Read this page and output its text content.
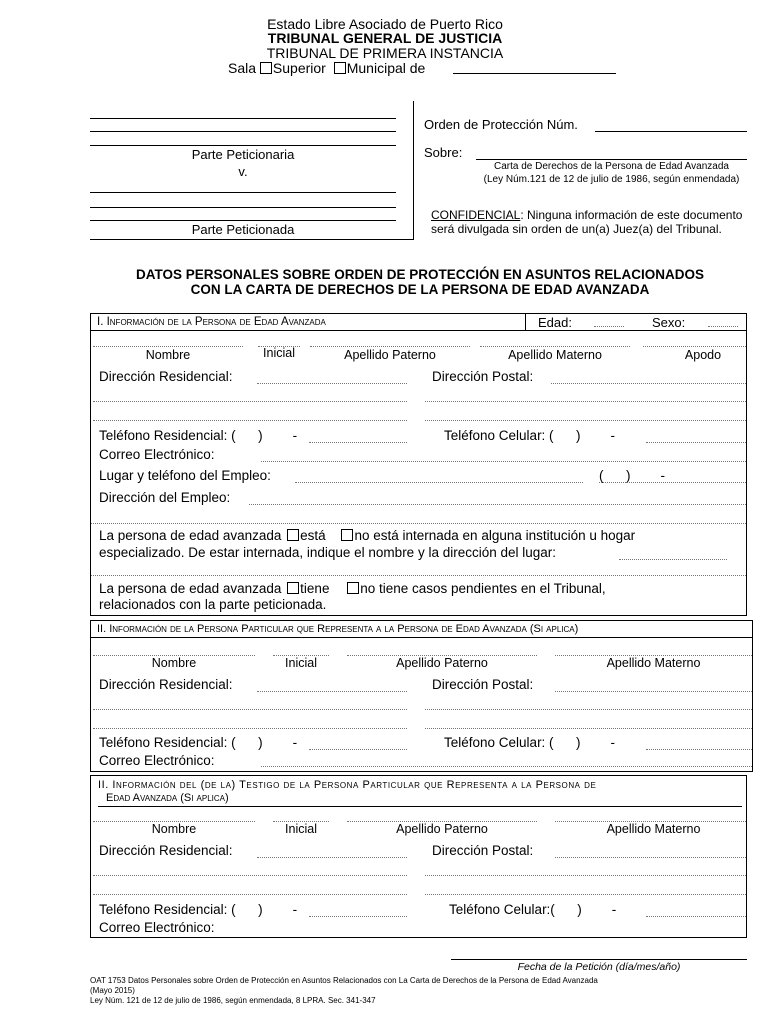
Estado Libre Asociado de Puerto Rico
TRIBUNAL GENERAL DE JUSTICIA
TRIBUNAL DE PRIMERA INSTANCIA
Sala Superior Municipal de
Parte Peticionaria
v.
Parte Peticionada
Orden de Protección Núm.
Sobre:
Carta de Derechos de la Persona de Edad Avanzada
(Ley Núm.121 de 12 de julio de 1986, según enmendada)
CONFIDENCIAL: Ninguna información de este documento
será divulgada sin orden de un(a) Juez(a) del Tribunal.
DATOS PERSONALES SOBRE ORDEN DE PROTECCIÓN EN ASUNTOS RELACIONADOS
CON LA CARTA DE DERECHOS DE LA PERSONA DE EDAD AVANZADA
I. Información de la Persona de Edad Avanzada	Edad:	Sexo:
Nombre	Inicial	Apellido Paterno	Apellido Materno	Apodo
Dirección Residencial:	Dirección Postal:
Teléfono Residencial: (      )        -	Teléfono Celular: (      )        -
Correo Electrónico:
Lugar y teléfono del Empleo:	(      )        -
Dirección del Empleo:
La persona de edad avanzada está no está internada en alguna institución u hogar
especializado. De estar internada, indique el nombre y la dirección del lugar:
La persona de edad avanzada tiene no tiene casos pendientes en el Tribunal,
relacionados con la parte peticionada.
II. Información de la Persona Particular que Representa a la Persona de Edad Avanzada (Si aplica)
Nombre	Inicial	Apellido Paterno	Apellido Materno
Dirección Residencial:	Dirección Postal:
Teléfono Residencial: (      )        -	Teléfono Celular: (      )        -
Correo Electrónico:
II. Información del (de la) Testigo de la Persona Particular que Representa a la Persona de
Edad Avanzada (Si aplica)
Nombre	Inicial	Apellido Paterno	Apellido Materno
Dirección Residencial:	Dirección Postal:
Teléfono Residencial: (      )        -	Teléfono Celular:(      )        -
Correo Electrónico:
Fecha de la Petición (día/mes/año)
OAT 1753 Datos Personales sobre Orden de Protección en Asuntos Relacionados con La Carta de Derechos de la Persona de Edad Avanzada
(Mayo 2015)
Ley Núm. 121 de 12 de julio de 1986, según enmendada, 8 LPRA. Sec. 341-347
